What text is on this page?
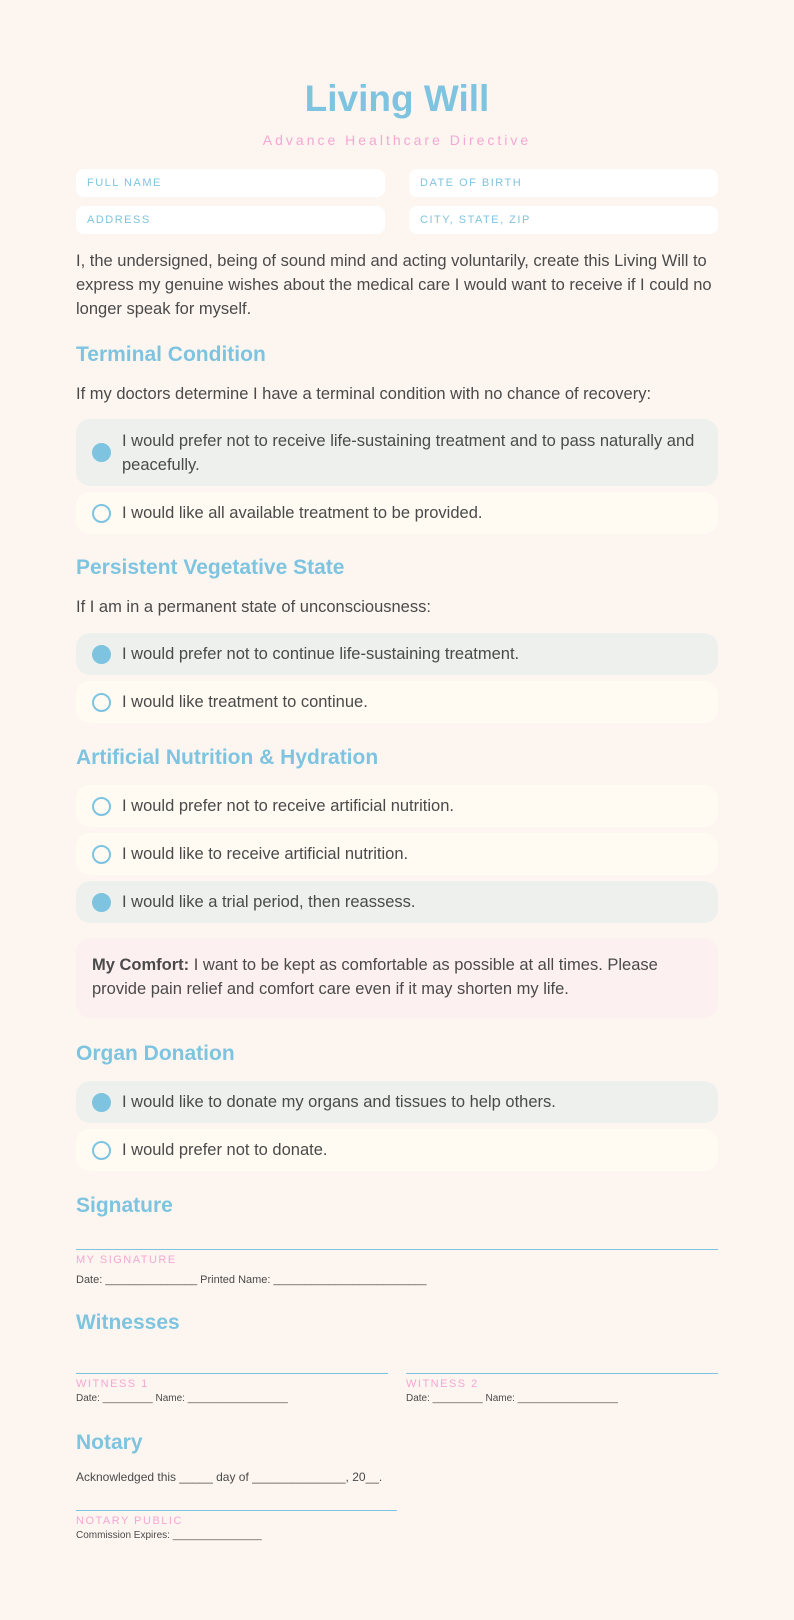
Living Will
Advance Healthcare Directive
FULL NAME	DATE OF BIRTH
ADDRESS	CITY, STATE, ZIP
I, the undersigned, being of sound mind and acting voluntarily, create this Living Will to express my genuine wishes about the medical care I would want to receive if I could no longer speak for myself.
Terminal Condition
If my doctors determine I have a terminal condition with no chance of recovery:
I would prefer not to receive life-sustaining treatment and to pass naturally and peacefully.
I would like all available treatment to be provided.
Persistent Vegetative State
If I am in a permanent state of unconsciousness:
I would prefer not to continue life-sustaining treatment.
I would like treatment to continue.
Artificial Nutrition & Hydration
I would prefer not to receive artificial nutrition.
I would like to receive artificial nutrition.
I would like a trial period, then reassess.
My Comfort: I want to be kept as comfortable as possible at all times. Please provide pain relief and comfort care even if it may shorten my life.
Organ Donation
I would like to donate my organs and tissues to help others.
I would prefer not to donate.
Signature
MY SIGNATURE
Date: _______________ Printed Name: _________________________
Witnesses
WITNESS 1	WITNESS 2
Date: _________ Name: __________________	Date: _________ Name: __________________
Notary
Acknowledged this _____ day of ______________, 20__.
NOTARY PUBLIC
Commission Expires: ________________
